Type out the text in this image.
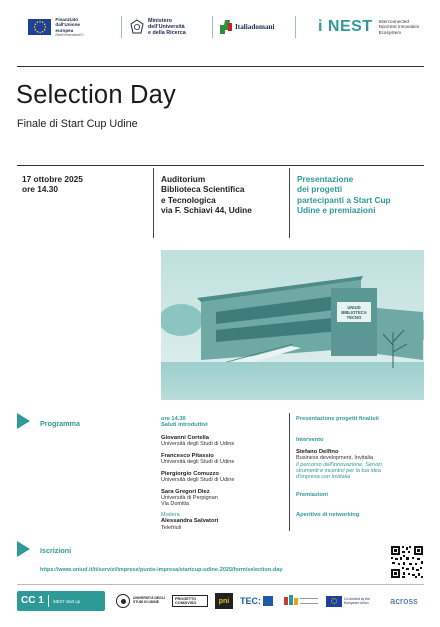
Finanziato
dall'Unione europea
NextGenerationEU
Ministero
dell'Università
e della Ricerca
Italiadomani	i NEST Interconnected
Nord-Est Innovation
Ecosystem
Selection Day
Finale di Start Cup Udine
17 ottobre 2025
ore 14.30
Auditorium
Biblioteca Scientifica
e Tecnologica
via F. Schiavi 44, Udine
Presentazione
dei progetti
partecipanti a Start Cup
Udine e premiazioni
UNIUD
BIBLIOTECA
TECNO
Programma	ore 14.30
Saluti introduttivi
Giovanni Cortella
Università degli Studi di Udine
Francesco Pitassio
Università degli Studi di Udine
Piergiorgio Comuzzo
Università degli Studi di Udine
Sara Gregori Diez
Università di Perpignan
Via Domitia
Modera
Alessandra Salvatori
Telefriuli
Presentazione progetti finalisti
Intervento
Stefano Delfino
Business development, Invitalia
Il percorso dell'innovazione. Servizi,
strumenti e incentivi per la tua idea
d'impresa con Invitalia
Premiazioni
Aperitivo di networking
Iscrizioni
https://www.uniud.it/it/servizi/imprese/punto-impresa/startcup-udine-2025/form/selection-day
CC 1 iNEST start up
UNIVERSITÀ DEGLI STUDI DI UDINE
PROGETTO CONDIVISO	pni	TEC:	Co-funded by the European Union	across
